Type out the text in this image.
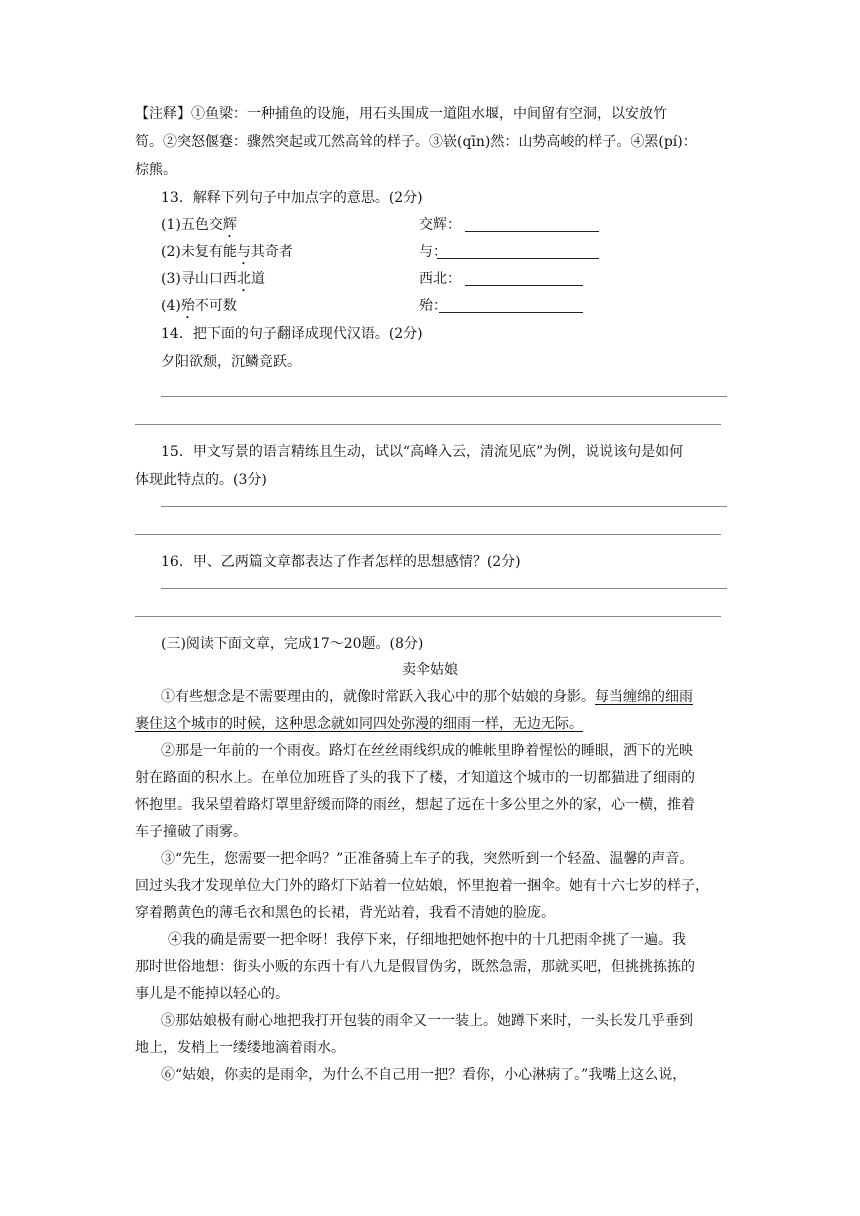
【注释】①鱼梁：一种捕鱼的设施，用石头围成一道阻水堰，中间留有空洞，以安放竹
笱。②突怒偃蹇：骤然突起或兀然高耸的样子。③嵚(qīn)然：山势高峻的样子。④罴(pí)：
棕熊。
13．解释下列句子中加点字的意思。(2分)
(1)五色交辉	交辉：
(2)未复有能与其奇者	与：
(3)寻山口西北道	西北：
(4)殆不可数	殆：
14．把下面的句子翻译成现代汉语。(2分)
夕阳欲颓，沉鳞竞跃。
15．甲文写景的语言精练且生动，试以“高峰入云，清流见底”为例，说说该句是如何
体现此特点的。(3分)
16．甲、乙两篇文章都表达了作者怎样的思想感情？(2分)
(三)阅读下面文章，完成17～20题。(8分)
卖伞姑娘
①有些想念是不需要理由的，就像时常跃入我心中的那个姑娘的身影。每当缠绵的细雨
裹住这个城市的时候，这种思念就如同四处弥漫的细雨一样，无边无际。
②那是一年前的一个雨夜。路灯在丝丝雨线织成的帷帐里睁着惺忪的睡眼，洒下的光映
射在路面的积水上。在单位加班昏了头的我下了楼，才知道这个城市的一切都猫进了细雨的
怀抱里。我呆望着路灯罩里舒缓而降的雨丝，想起了远在十多公里之外的家，心一横，推着
车子撞破了雨雾。
③“先生，您需要一把伞吗？”正准备骑上车子的我，突然听到一个轻盈、温馨的声音。
回过头我才发现单位大门外的路灯下站着一位姑娘，怀里抱着一捆伞。她有十六七岁的样子，
穿着鹅黄色的薄毛衣和黑色的长裙，背光站着，我看不清她的脸庞。
④我的确是需要一把伞呀！我停下来，仔细地把她怀抱中的十几把雨伞挑了一遍。我
那时世俗地想：街头小贩的东西十有八九是假冒伪劣，既然急需，那就买吧，但挑挑拣拣的
事儿是不能掉以轻心的。
⑤那姑娘极有耐心地把我打开包装的雨伞又一一装上。她蹲下来时，一头长发几乎垂到
地上，发梢上一缕缕地滴着雨水。
⑥“姑娘，你卖的是雨伞，为什么不自己用一把？看你，小心淋病了。”我嘴上这么说，
